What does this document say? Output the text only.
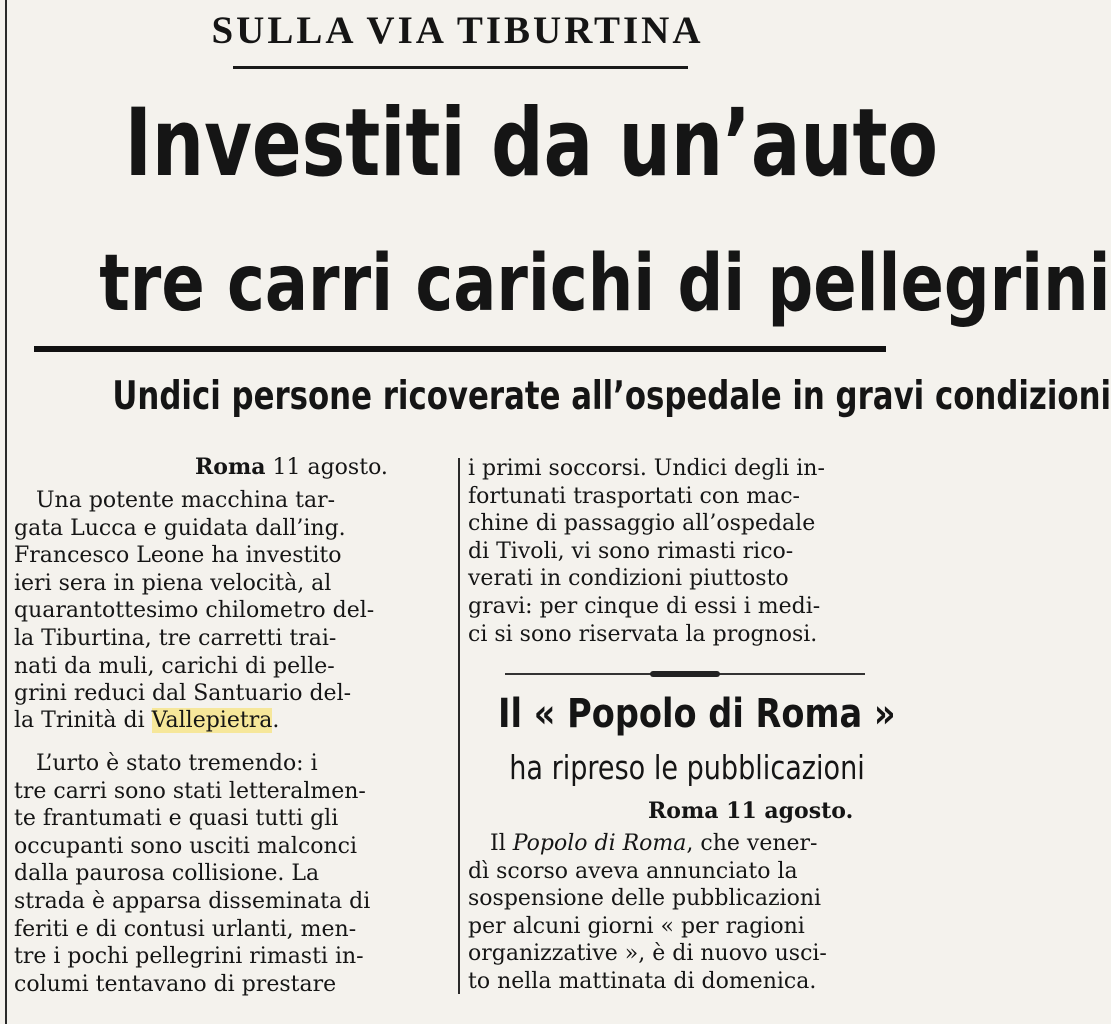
SULLA VIA TIBURTINA
Investiti da un’auto
tre carri carichi di pellegrini
Undici persone ricoverate all’ospedale in gravi condizioni
Roma 11 agosto.
 Una potente macchina tar-
gata Lucca e guidata dall’ing.
Francesco Leone ha investito
ieri sera in piena velocità, al
quarantottesimo chilometro del-
la Tiburtina, tre carretti trai-
nati da muli, carichi di pelle-
grini reduci dal Santuario del-
la Trinità di Vallepietra.
 L’urto è stato tremendo: i
tre carri sono stati letteralmen-
te frantumati e quasi tutti gli
occupanti sono usciti malconci
dalla paurosa collisione. La
strada è apparsa disseminata di
feriti e di contusi urlanti, men-
tre i pochi pellegrini rimasti in-
columi tentavano di prestare
i primi soccorsi. Undici degli in-
fortunati trasportati con mac-
chine di passaggio all’ospedale
di Tivoli, vi sono rimasti rico-
verati in condizioni piuttosto
gravi: per cinque di essi i medi-
ci si sono riservata la prognosi.
Il « Popolo di Roma »
ha ripreso le pubblicazioni
Roma 11 agosto.
 Il Popolo di Roma, che vener-
dì scorso aveva annunciato la
sospensione delle pubblicazioni
per alcuni giorni « per ragioni
organizzative », è di nuovo usci-
to nella mattinata di domenica.
